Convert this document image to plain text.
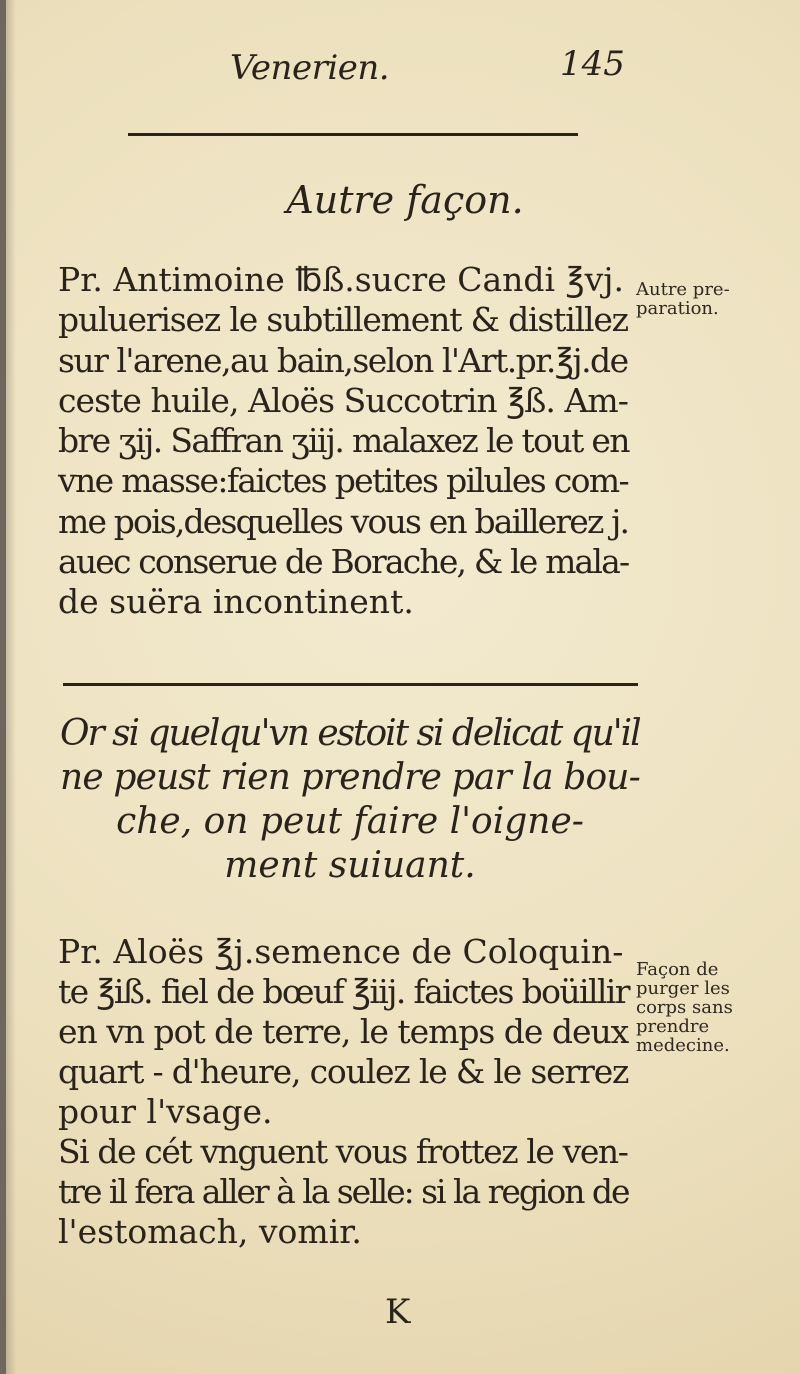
Venerien.	145
Autre façon.
Pr. Antimoine ℔ß.sucre Candi ℥vj.
puluerisez le subtillement & distillez
sur l'arene,au bain,selon l'Art.pr.℥j.de
ceste huile, Aloës Succotrin ℥ß. Am-
bre ʒij. Saffran ʒiij. malaxez le tout en
vne masse:faictes petites pilules com-
me pois,desquelles vous en baillerez j.
auec conserue de Borache, & le mala-
de suëra incontinent.
Autre pre-
paration.
Or si quelqu'vn estoit si delicat qu'il
ne peust rien prendre par la bou-
che, on peut faire l'oigne-
ment suiuant.
Pr. Aloës ℥j.semence de Coloquin-
te ℥iß. fiel de bœuf ℥iij. faictes boüillir
en vn pot de terre, le temps de deux
quart - d'heure, coulez le & le serrez
pour l'vsage.
Si de cét vnguent vous frottez le ven-
tre il fera aller à la selle: si la region de
l'estomach, vomir.
Façon de
purger les
corps sans
prendre
medecine.
K
